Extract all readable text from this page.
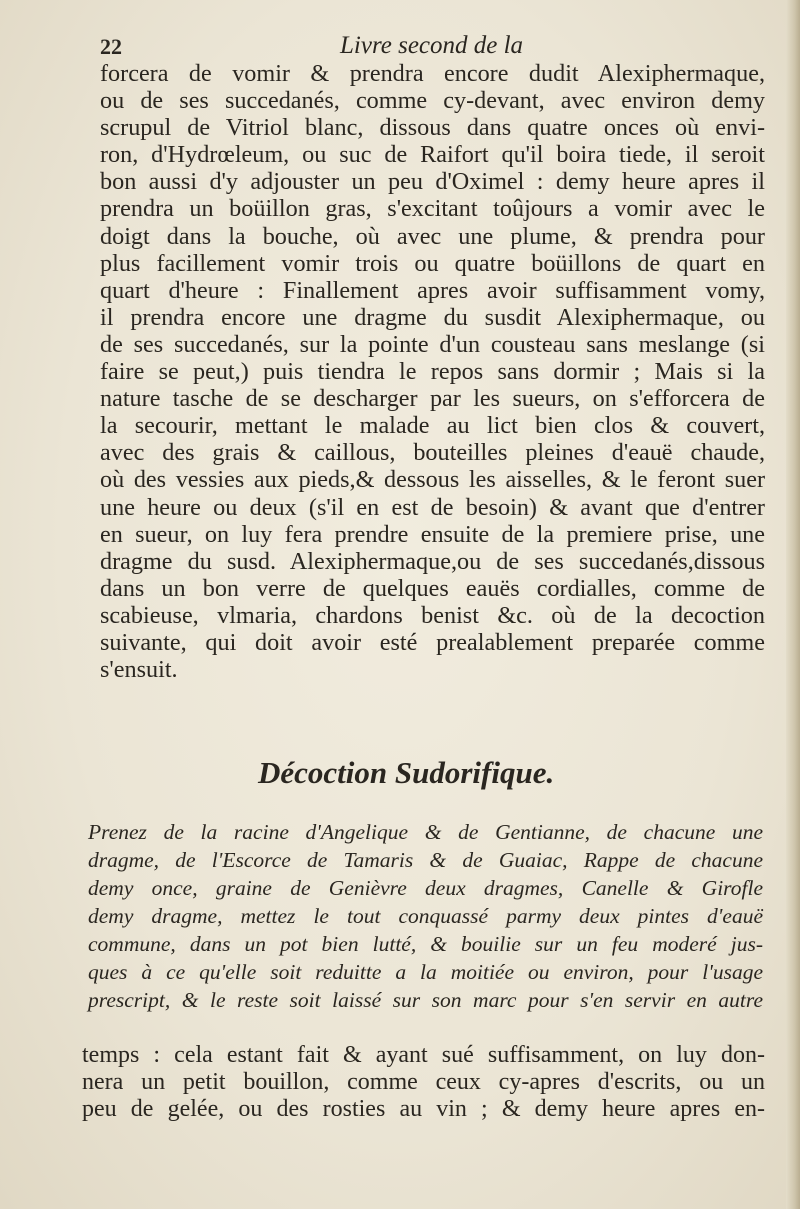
22	Livre second de la
forcera de vomir & prendra encore dudit Alexiphermaque,
ou de ses succedanés, comme cy-devant, avec environ demy
scrupul de Vitriol blanc, dissous dans quatre onces où envi-
ron, d'Hydrœleum, ou suc de Raifort qu'il boira tiede, il seroit
bon aussi d'y adjouster un peu d'Oximel : demy heure apres il
prendra un boüillon gras, s'excitant toûjours a vomir avec le
doigt dans la bouche, où avec une plume, & prendra pour
plus facillement vomir trois ou quatre boüillons de quart en
quart d'heure : Finallement apres avoir suffisamment vomy,
il prendra encore une dragme du susdit Alexiphermaque, ou
de ses succedanés, sur la pointe d'un cousteau sans meslange (si
faire se peut,) puis tiendra le repos sans dormir ; Mais si la
nature tasche de se descharger par les sueurs, on s'efforcera de
la secourir, mettant le malade au lict bien clos & couvert,
avec des grais & caillous, bouteilles pleines d'eauë chaude,
où des vessies aux pieds,& dessous les aisselles, & le feront suer
une heure ou deux (s'il en est de besoin) & avant que d'entrer
en sueur, on luy fera prendre ensuite de la premiere prise, une
dragme du susd. Alexiphermaque,ou de ses succedanés,dissous
dans un bon verre de quelques eauës cordialles, comme de
scabieuse, vlmaria, chardons benist &c. où de la decoction
suivante, qui doit avoir esté prealablement preparée comme
s'ensuit.
Décoction Sudorifique.
Prenez de la racine d'Angelique & de Gentianne, de chacune une
dragme, de l'Escorce de Tamaris & de Guaiac, Rappe de chacune
demy once, graine de Genièvre deux dragmes, Canelle & Girofle
demy dragme, mettez le tout conquassé parmy deux pintes d'eauë
commune, dans un pot bien lutté, & bouilie sur un feu moderé jus-
ques à ce qu'elle soit reduitte a la moitiée ou environ, pour l'usage
prescript, & le reste soit laissé sur son marc pour s'en servir en autre
temps : cela estant fait & ayant sué suffisamment, on luy don-
nera un petit bouillon, comme ceux cy-apres d'escrits, ou un
peu de gelée, ou des rosties au vin ; & demy heure apres en-
